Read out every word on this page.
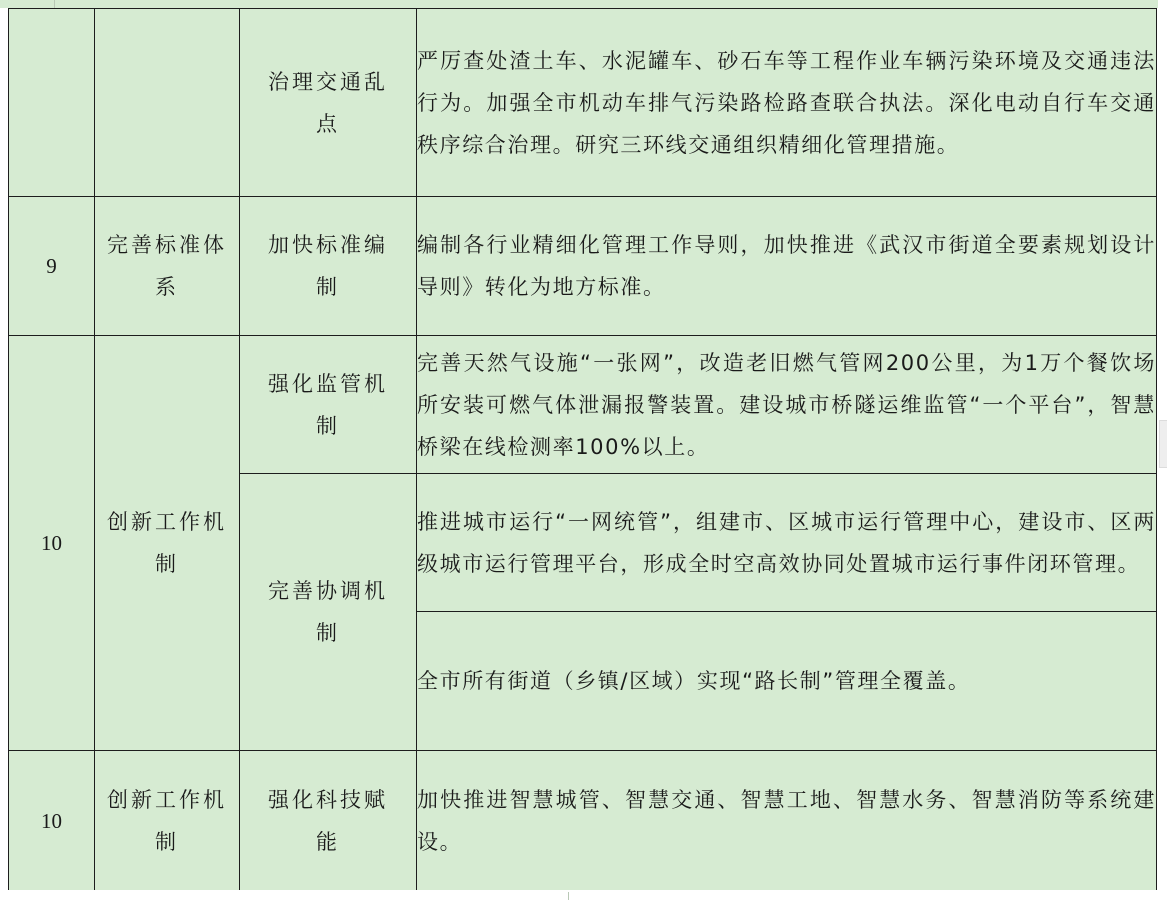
		治理交通乱点	严厉查处渣土车、水泥罐车、砂石车等工程作业车辆污染环境及交通违法行为。加强全市机动车排气污染路检路查联合执法。深化电动自行车交通秩序综合治理。研究三环线交通组织精细化管理措施。
9	完善标准体系	加快标准编制	编制各行业精细化管理工作导则，加快推进《武汉市街道全要素规划设计导则》转化为地方标准。
10	创新工作机制	强化监管机制	完善天然气设施“一张网”，改造老旧燃气管网200公里，为1万个餐饮场所安装可燃气体泄漏报警装置。建设城市桥隧运维监管“一个平台”，智慧桥梁在线检测率100%以上。
		完善协调机制	推进城市运行“一网统管”，组建市、区城市运行管理中心，建设市、区两级城市运行管理平台，形成全时空高效协同处置城市运行事件闭环管理。
			全市所有街道（乡镇/区域）实现“路长制”管理全覆盖。
10	创新工作机制	强化科技赋能	加快推进智慧城管、智慧交通、智慧工地、智慧水务、智慧消防等系统建设。
